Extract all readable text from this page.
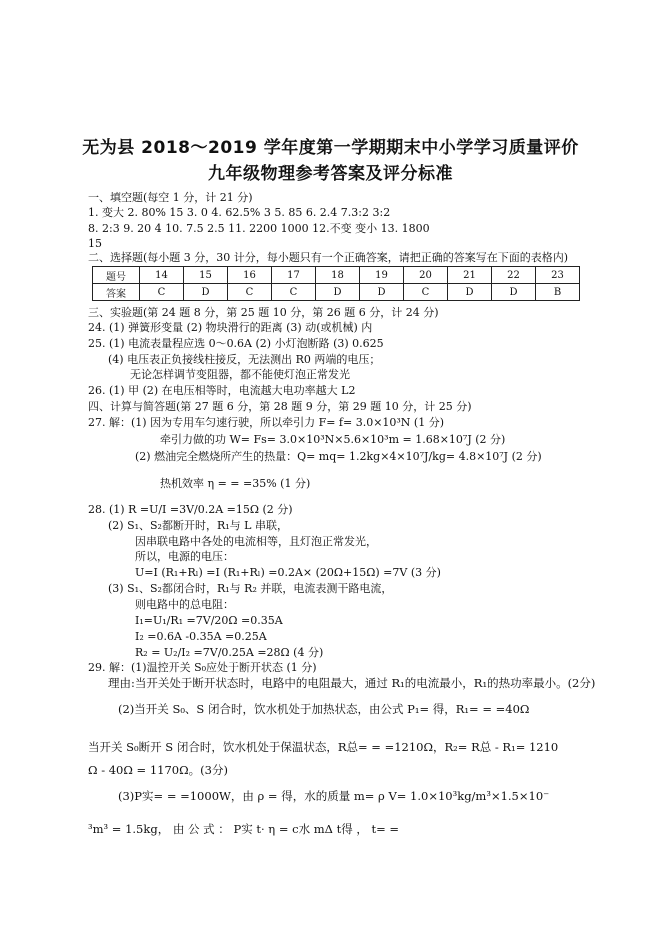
无为县 2018～2019 学年度第一学期期末中小学学习质量评价
九年级物理参考答案及评分标准
一、填空题(每空 1 分，计 21 分)
1. 变大 2. 80% 15 3. 0 4. 62.5% 3 5. 85 6. 2.4 7.3:2 3:2
8. 2:3 9. 20 4 10. 7.5 2.5 11. 2200 1000 12.不变 变小 13. 1800
15
二、选择题(每小题 3 分，30 计分，每小题只有一个正确答案，请把正确的答案写在下面的表格内)
题号	14	15	16	17	18	19	20	21	22	23
答案	C	D	C	C	D	D	C	D	D	B
三、实验题(第 24 题 8 分，第 25 题 10 分，第 26 题 6 分，计 24 分)
24. (1) 弹簧形变量 (2) 物块滑行的距离 (3) 动(或机械) 内
25. (1) 电流表量程应选 0～0.6A (2) 小灯泡断路 (3) 0.625
(4) 电压表正负接线柱接反，无法测出 R0 两端的电压；
无论怎样调节变阻器，都不能使灯泡正常发光
26. (1) 甲 (2) 在电压相等时，电流越大电功率越大 L2
四、计算与简答题(第 27 题 6 分，第 28 题 9 分，第 29 题 10 分，计 25 分)
27. 解：(1) 因为专用车匀速行驶，所以牵引力 F= f= 3.0×10³N (1 分)
牵引力做的功 W= Fs= 3.0×10³N×5.6×10³m = 1.68×10⁷J (2 分)
(2) 燃油完全燃烧所产生的热量：Q= mq= 1.2kg×4×10⁷J/kg= 4.8×10⁷J (2 分)
热机效率 η = = =35% (1 分)
28. (1) R =U/I =3V/0.2A =15Ω (2 分)
(2) S₁、S₂都断开时，R₁与 L 串联，
因串联电路中各处的电流相等，且灯泡正常发光，
所以，电源的电压：
U=I (R₁+Rₗ) =I (R₁+Rₗ) =0.2A× (20Ω+15Ω) =7V (3 分)
(3) S₁、S₂都闭合时，R₁与 R₂ 并联，电流表测干路电流，
则电路中的总电阻：
I₁=U₁/R₁ =7V/20Ω =0.35A
I₂ =0.6A -0.35A =0.25A
R₂ = U₂/I₂ =7V/0.25A =28Ω (4 分)
29. 解：(1)温控开关 S₀应处于断开状态 (1 分)
理由:当开关处于断开状态时，电路中的电阻最大，通过 R₁的电流最小，R₁的热功率最小。(2分)
(2)当开关 S₀、S 闭合时，饮水机处于加热状态，由公式 P₁= 得，R₁= = =40Ω
当开关 S₀断开 S 闭合时，饮水机处于保温状态，R总= = =1210Ω，R₂= R总 - R₁= 1210
Ω - 40Ω = 1170Ω。(3分)
(3)P实= = =1000W，由 ρ = 得，水的质量 m= ρ V= 1.0×10³kg/m³×1.5×10⁻
³m³ = 1.5kg， 由 公 式 ： P实 t· η = c水 mΔ t得 ， t= =
